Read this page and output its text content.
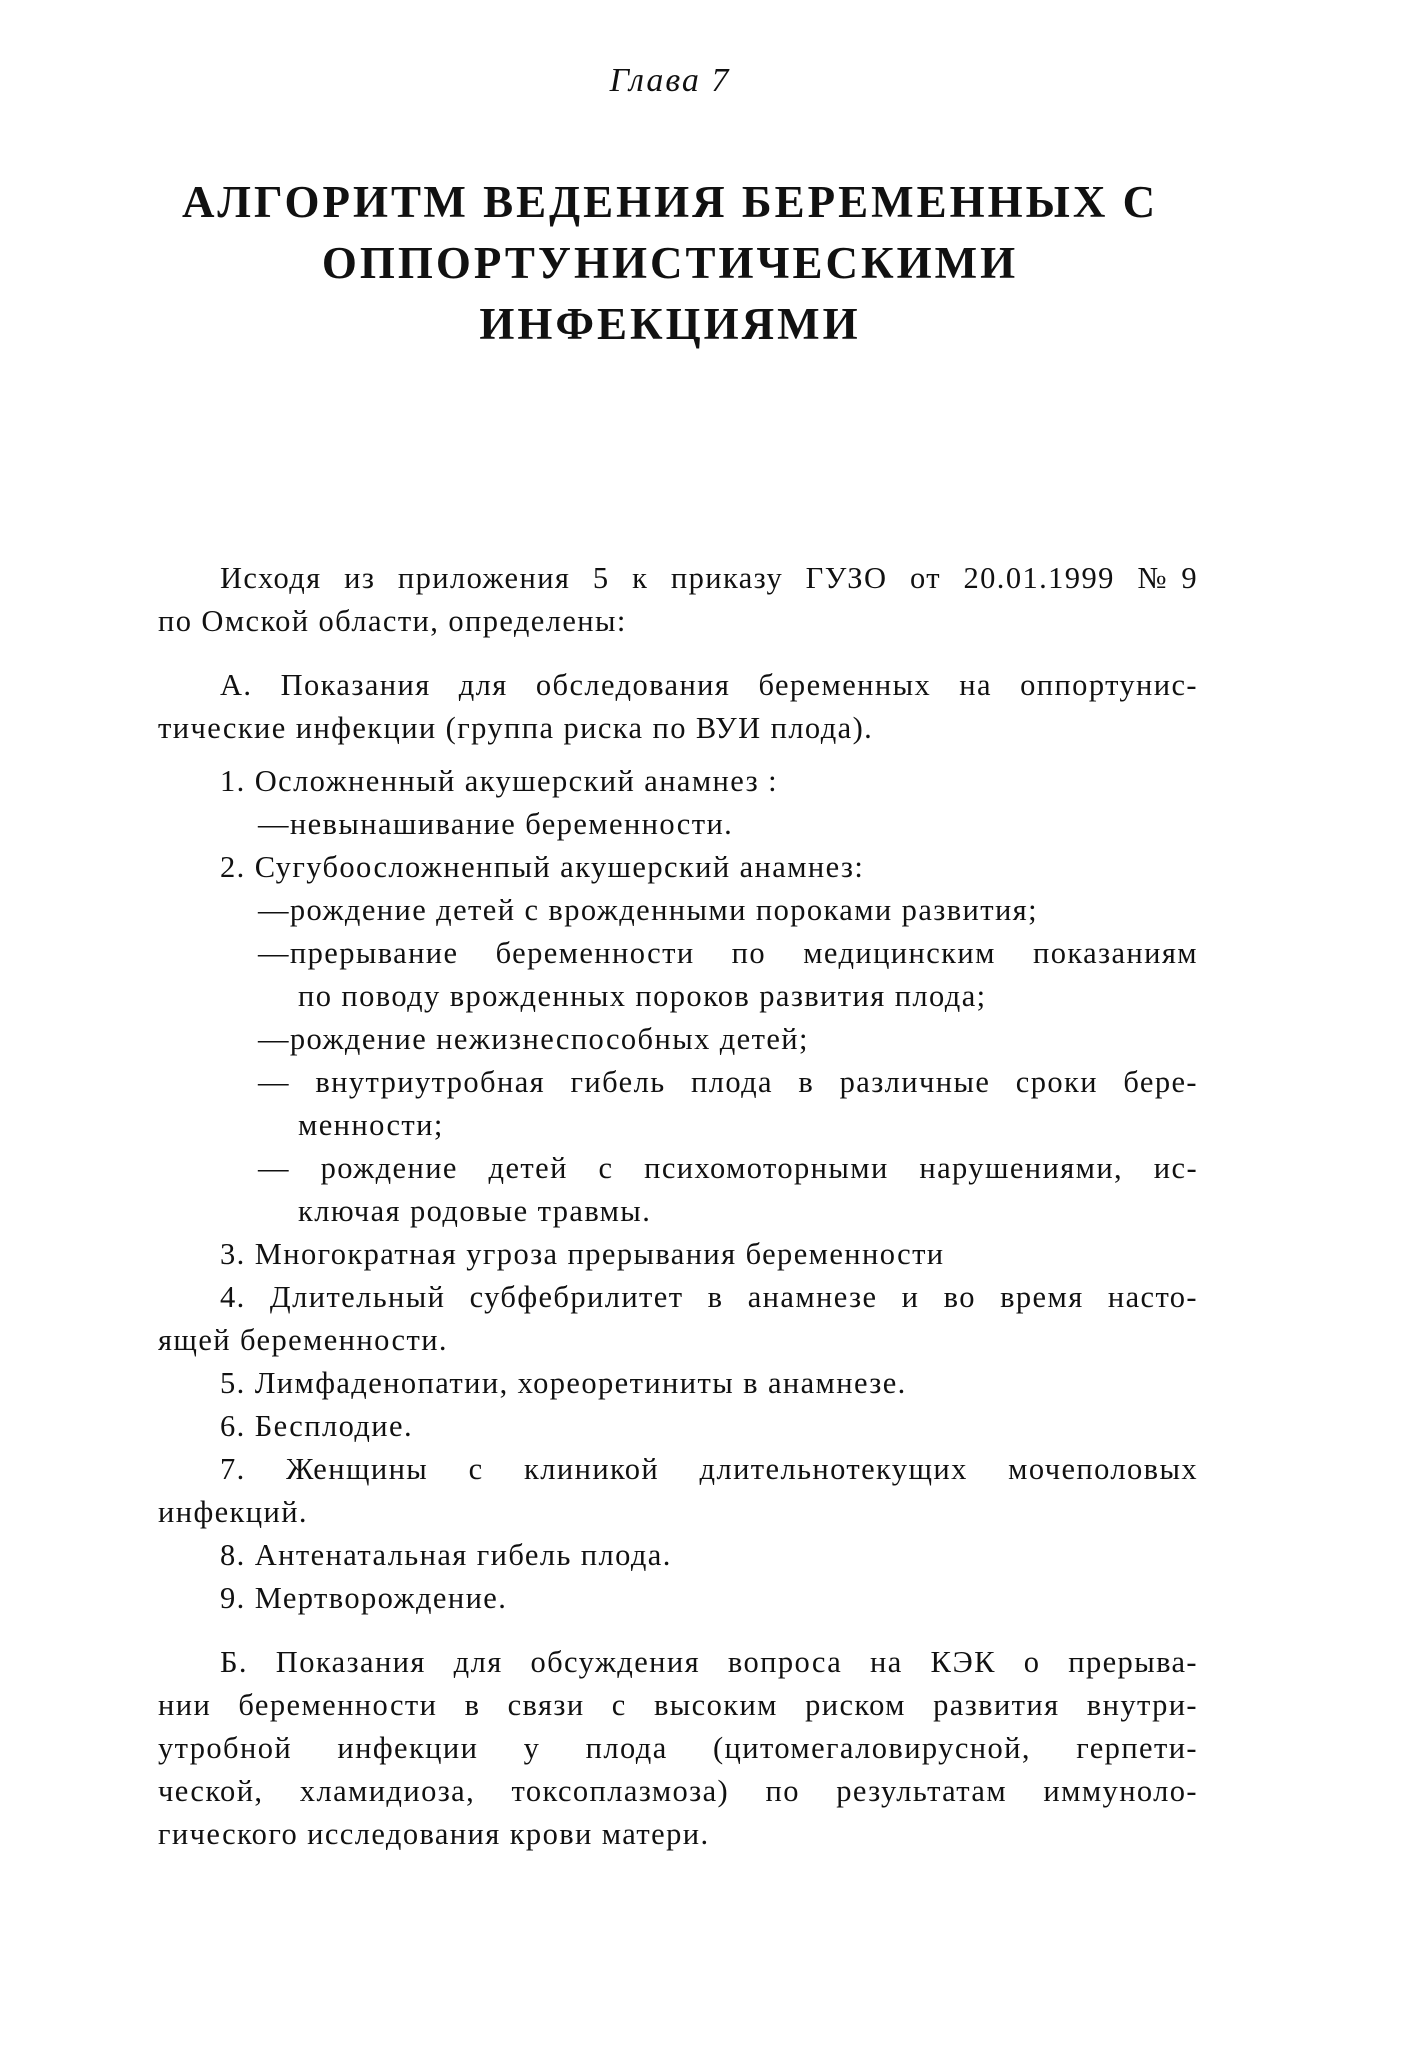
Глава 7
АЛГОРИТМ ВЕДЕНИЯ БЕРЕМЕННЫХ С
ОППОРТУНИСТИЧЕСКИМИ
ИНФЕКЦИЯМИ
Исходя из приложения 5 к приказу ГУЗО от 20.01.1999 №9
по Омской области, определены:
А. Показания для обследования беременных на оппортунис-
тические инфекции (группа риска по ВУИ плода).
1. Осложненный акушерский анамнез :
—невынашивание беременности.
2. Сугубоосложненпый акушерский анамнез:
—рождение детей с врожденными пороками развития;
—прерывание беременности по медицинским показаниям
по поводу врожденных пороков развития плода;
—рождение нежизнеспособных детей;
— внутриутробная гибель плода в различные сроки бере-
менности;
— рождение детей с психомоторными нарушениями, ис-
ключая родовые травмы.
3. Многократная угроза прерывания беременности
4. Длительный субфебрилитет в анамнезе и во время насто-
ящей беременности.
5. Лимфаденопатии, хореоретиниты в анамнезе.
6. Бесплодие.
7. Женщины с клиникой длительнотекущих мочеполовых
инфекций.
8. Антенатальная гибель плода.
9. Мертворождение.
Б. Показания для обсуждения вопроса на КЭК о прерыва-
нии беременности в связи с высоким риском развития внутри-
утробной инфекции у плода (цитомегаловирусной, герпети-
ческой, хламидиоза, токсоплазмоза) по результатам иммуноло-
гического исследования крови матери.
